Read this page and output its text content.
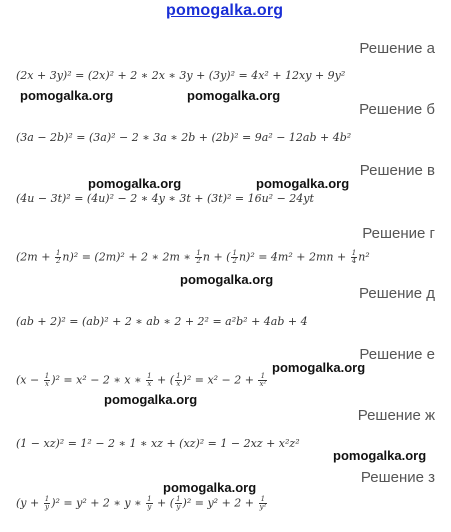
pomogalka.org
Решение а
Решение б
Решение в
Решение г
Решение д
Решение е
Решение ж
Решение з
(2x + 3y)² = (2x)² + 2 ∗ 2x ∗ 3y + (3y)² = 4x² + 12xy + 9y²
(3a − 2b)² = (3a)² − 2 ∗ 3a ∗ 2b + (2b)² = 9a² − 12ab + 4b²
(4u − 3t)² = (4u)² − 2 ∗ 4y ∗ 3t + (3t)² = 16u² − 24yt
$(2m + \frac{1}{2} n)^2 = (2m)^2 + 2$ ∗ 2m ∗ $\frac{1}{2}$ n + ( $\frac{1}{2} n)^2 = 4m^2 + 2mn + \frac{1}{4} n^2$
(ab + 2)² = (ab)² + 2 ∗ ab ∗ 2 + 2² = a²b² + 4ab + 4
$(x - \frac{1}{x} )^2 = x^2 - 2$ ∗ x ∗ $\frac{1}{x}$ + ( $\frac{1}{x} )^2 = x^2 - 2 + \frac{1}{\text{x²}}$
(1 − xz)² = 1² − 2 ∗ 1 ∗ xz + (xz)² = 1 − 2xz + x²z²
$(y + \frac{1}{y} )^2 = y^2 + 2$ ∗ y ∗ $\frac{1}{y}$ + ( $\frac{1}{y} )^2 = y^2 + 2 + \frac{1}{\text{y²}}$
pomogalka.org	pomogalka.org
pomogalka.org	pomogalka.org
pomogalka.org
pomogalka.org
pomogalka.org
pomogalka.org
pomogalka.org
